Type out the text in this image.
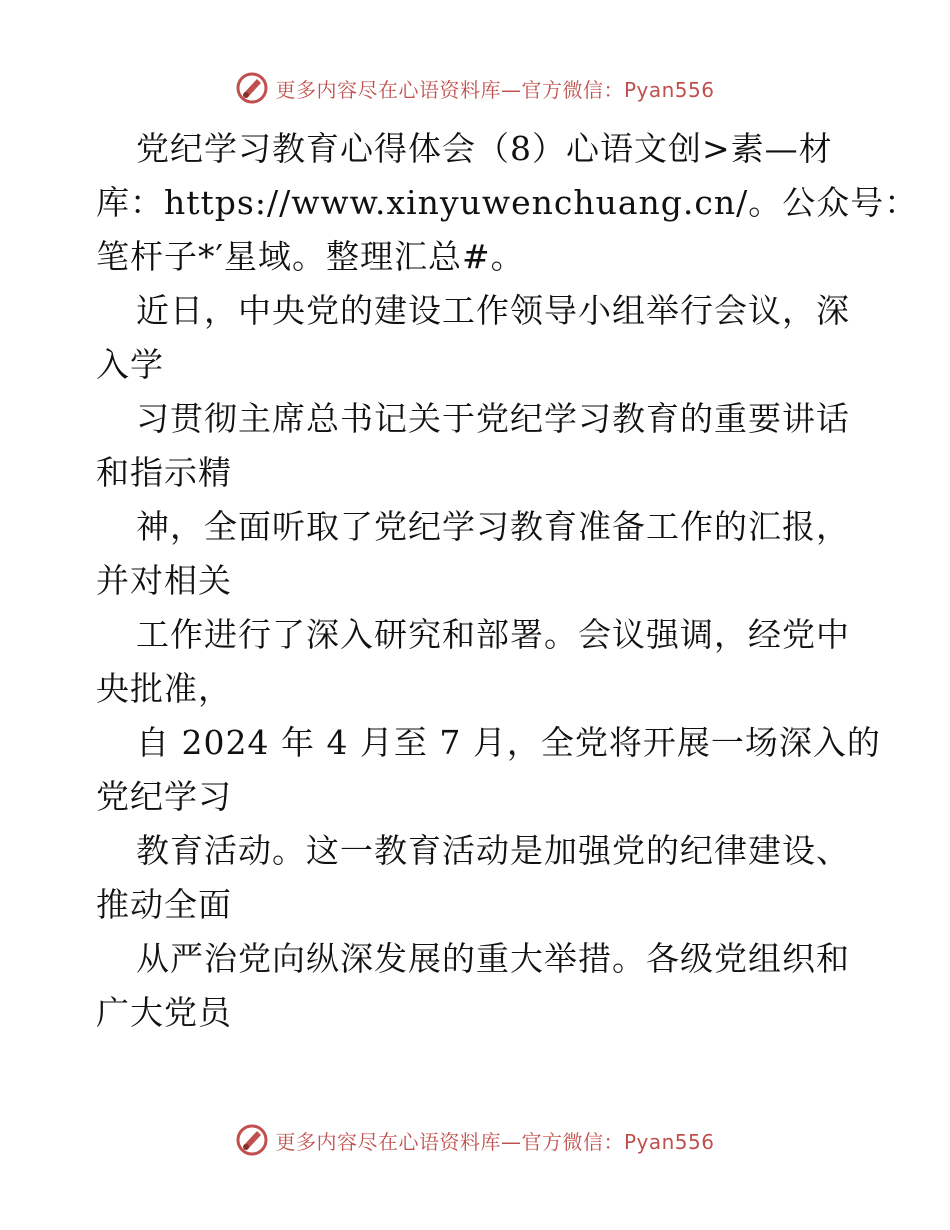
更多内容尽在心语资料库—官方微信：Pyan556
党纪学习教育心得体会（8）心语文创>素—材
库：https://www.xinyuwenchuang.cn/。公众号：
笔杆子*′星域。整理汇总#。
近日，中央党的建设工作领导小组举行会议，深
入学
习贯彻主席总书记关于党纪学习教育的重要讲话
和指示精
神，全面听取了党纪学习教育准备工作的汇报，
并对相关
工作进行了深入研究和部署。会议强调，经党中
央批准，
自 2024 年 4 月至 7 月，全党将开展一场深入的
党纪学习
教育活动。这一教育活动是加强党的纪律建设、
推动全面
从严治党向纵深发展的重大举措。各级党组织和
广大党员
更多内容尽在心语资料库—官方微信：Pyan556
